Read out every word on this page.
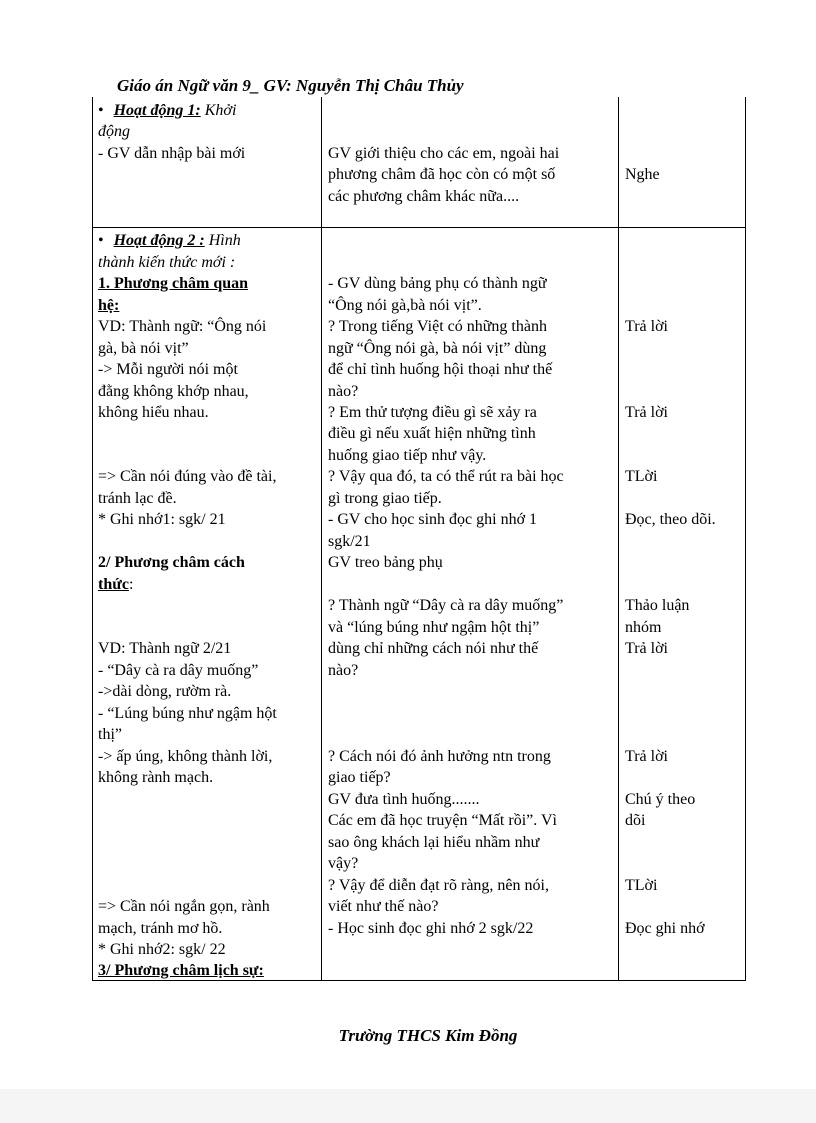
Giáo án Ngữ văn 9_ GV: Nguyễn Thị Châu Thủy
• Hoạt động 1: Khởi
động
- GV dẫn nhập bài mới	GV giới thiệu cho các em, ngoài hai
phương châm đã học còn có một số
các phương châm khác nữa....
Nghe
• Hoạt động 2 : Hình
thành kiến thức mới :
1. Phương châm quan
hệ:
VD: Thành ngữ: “Ông nói
gà, bà nói vịt”
-> Mỗi người nói một
đằng không khớp nhau,
không hiểu nhau.
=> Cần nói đúng vào đề tài,
tránh lạc đề.
* Ghi nhớ1: sgk/ 21
2/ Phương châm cách
thức:
VD: Thành ngữ 2/21
- “Dây cà ra dây muống”
->dài dòng, rườm rà.
- “Lúng búng như ngậm hột
thị”
-> ấp úng, không thành lời,
không rành mạch.
=> Cần nói ngắn gọn, rành
mạch, tránh mơ hồ.
* Ghi nhớ2: sgk/ 22
3/ Phương châm lịch sự:
- GV dùng bảng phụ có thành ngữ
“Ông nói gà,bà nói vịt”.
? Trong tiếng Việt có những thành
ngữ “Ông nói gà, bà nói vịt” dùng
để chỉ tình huống hội thoại như thế
nào?
? Em thử tượng điều gì sẽ xảy ra
điều gì nếu xuất hiện những tình
huống giao tiếp như vậy.
? Vậy qua đó, ta có thể rút ra bài học
gì trong giao tiếp.
- GV cho học sinh đọc ghi nhớ 1
sgk/21
GV treo bảng phụ
? Thành ngữ “Dây cà ra dây muống”
và “lúng búng như ngậm hột thị”
dùng chỉ những cách nói như thế
nào?
? Cách nói đó ảnh hưởng ntn trong
giao tiếp?
GV đưa tình huống.......
Các em đã học truyện “Mất rồi”. Vì
sao ông khách lại hiểu nhầm như
vậy?
? Vậy để diễn đạt rõ ràng, nên nói,
viết như thế nào?
- Học sinh đọc ghi nhớ 2 sgk/22
Trả lời
Trả lời
TLời
Đọc, theo dõi.
Thảo luận
nhóm
Trả lời
Trả lời
Chú ý theo
dõi
TLời
Đọc ghi nhớ
Trường THCS Kim Đồng
